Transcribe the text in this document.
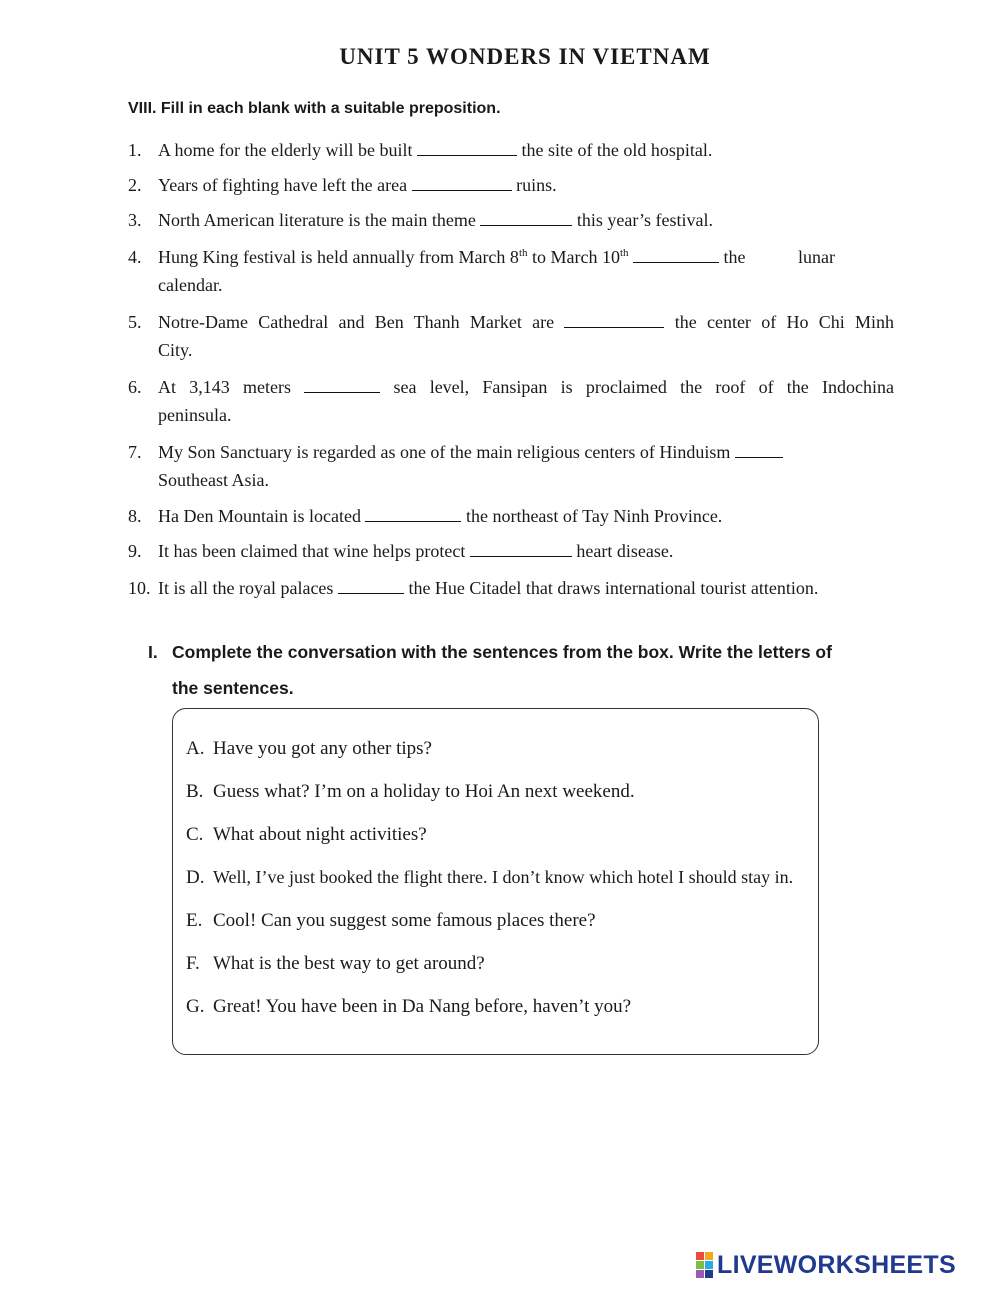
UNIT 5 WONDERS IN VIETNAM
VIII. Fill in each blank with a suitable preposition.
1. A home for the elderly will be built	the site of the old hospital.
2. Years of fighting have left the area	ruins.
3. North American literature is the main theme	this year’s festival.
4. Hung King festival is held annually from March 8th to March 10th	the lunar
calendar.
5. Notre-Dame Cathedral and Ben Thanh Market are	the center of Ho Chi Minh
City.
6. At 3,143 meters	sea level, Fansipan is proclaimed the roof of the Indochina
peninsula.
7. My Son Sanctuary is regarded as one of the main religious centers of Hinduism
Southeast Asia.
8. Ha Den Mountain is located	the northeast of Tay Ninh Province.
9. It has been claimed that wine helps protect	heart disease.
10. It is all the royal palaces	the Hue Citadel that draws international tourist attention.
I. Complete the conversation with the sentences from the box. Write the letters of the sentences.
A. Have you got any other tips?
B. Guess what? I’m on a holiday to Hoi An next weekend.
C. What about night activities?
D. Well, I’ve just booked the flight there. I don’t know which hotel I should stay in.
E. Cool! Can you suggest some famous places there?
F. What is the best way to get around?
G. Great! You have been in Da Nang before, haven’t you?
LIVEWORKSHEETS
